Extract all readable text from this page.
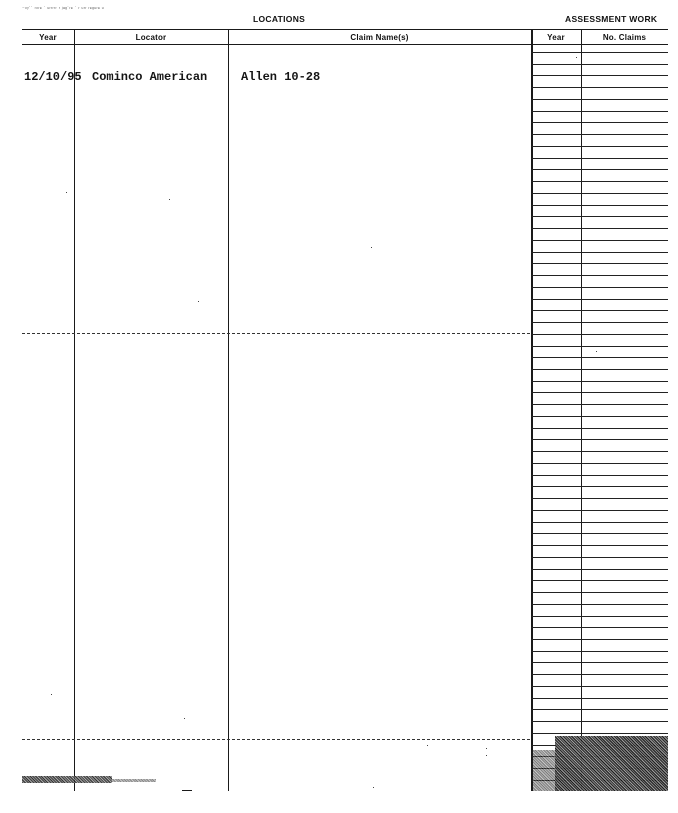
⁻ᵒʸ˙˙ ʳᵒʳᵉ ˙ ᵘʳʳʳʳʳ ʳ ʲᵃᵍ˙ʳᵉ ˙ ʳ ᵘʳʳ ʳᵉᵍᵘʳᵉ ᵘ
LOCATIONS	ASSESSMENT WORK
Year	Locator	Claim Name(s)	Year	No. Claims
12/10/95 Cominco American	Allen 10-28
